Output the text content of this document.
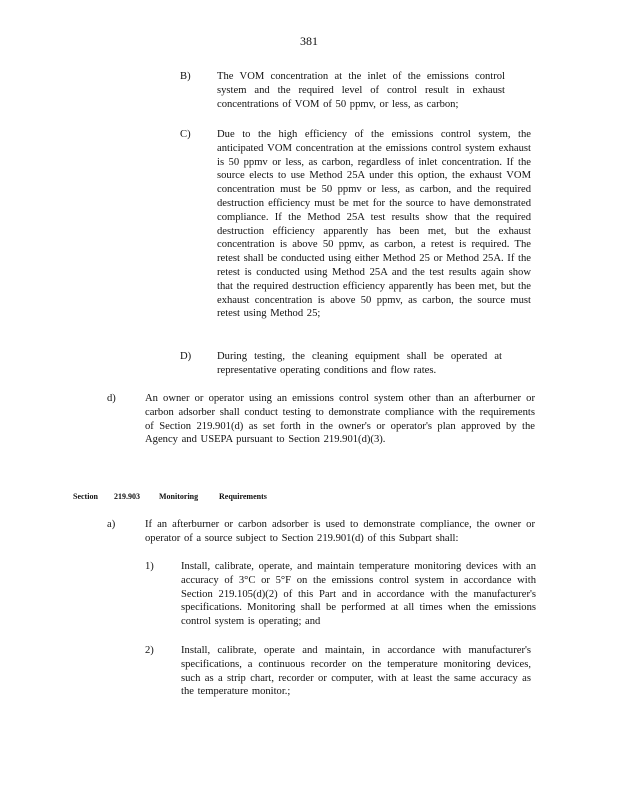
381
B) The VOM concentration at the inlet of the emissions control system and the required level of control result in exhaust concentrations of VOM of 50 ppmv, or less, as carbon;
C) Due to the high efficiency of the emissions control system, the anticipated VOM concentration at the emissions control system exhaust is 50 ppmv or less, as carbon, regardless of inlet concentration. If the source elects to use Method 25A under this option, the exhaust VOM concentration must be 50 ppmv or less, as carbon, and the required destruction efficiency must be met for the source to have demonstrated compliance. If the Method 25A test results show that the required destruction efficiency apparently has been met, but the exhaust concentration is above 50 ppmv, as carbon, a retest is required. The retest shall be conducted using either Method 25 or Method 25A. If the retest is conducted using Method 25A and the test results again show that the required destruction efficiency apparently has been met, but the exhaust concentration is above 50 ppmv, as carbon, the source must retest using Method 25;
D) During testing, the cleaning equipment shall be operated at representative operating conditions and flow rates.
d)	An owner or operator using an emissions control system other than an afterburner or carbon adsorber shall conduct testing to demonstrate compliance with the requirements of Section 219.901(d) as set forth in the owner's or operator's plan approved by the Agency and USEPA pursuant to Section 219.901(d)(3).
Section 219.903 Monitoring	Requirements
a)	If an afterburner or carbon adsorber is used to demonstrate compliance, the owner or operator of a source subject to Section 219.901(d) of this Subpart shall:
1)	Install, calibrate, operate, and maintain temperature monitoring devices with an accuracy of 3°C or 5°F on the emissions control system in accordance with Section 219.105(d)(2) of this Part and in accordance with the manufacturer's specifications. Monitoring shall be performed at all times when the emissions control system is operating; and
2)	Install, calibrate, operate and maintain, in accordance with manufacturer's specifications, a continuous recorder on the temperature monitoring devices, such as a strip chart, recorder or computer, with at least the same accuracy as the temperature monitor.;
